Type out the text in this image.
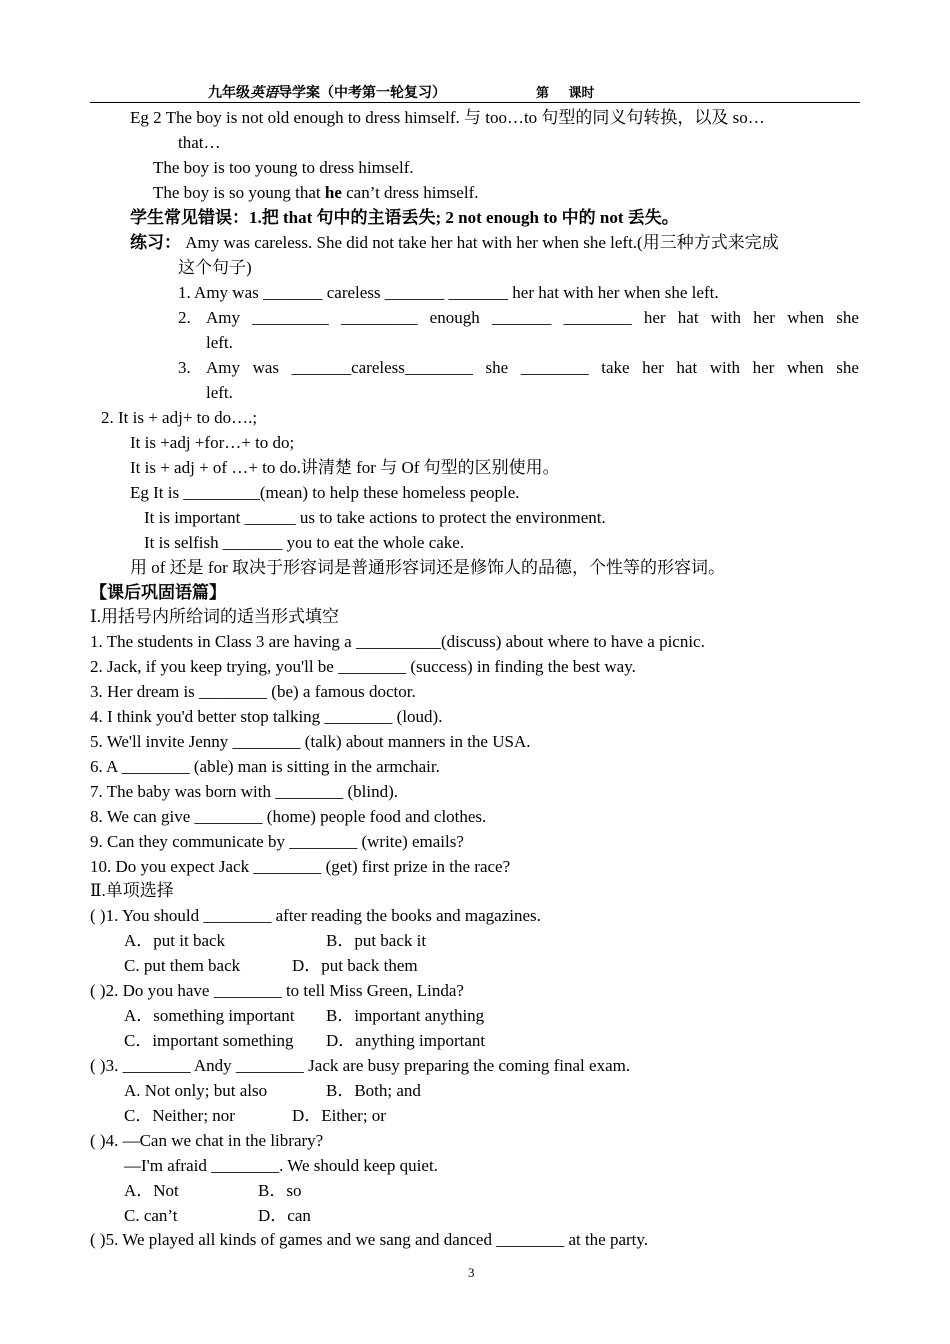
九年级英语导学案（中考第一轮复习）	第 课时
Eg 2 The boy is not old enough to dress himself. 与 too…to 句型的同义句转换，以及 so…
that…
The boy is too young to dress himself.
The boy is so young that he can’t dress himself.
学生常见错误：1.把 that 句中的主语丢失; 2 not enough to 中的 not 丢失。
练习： Amy was careless. She did not take her hat with her when she left.(用三种方式来完成
这个句子)
1. Amy was _______ careless _______ _______ her hat with her when she left.
2. Amy _________ _________ enough _______ ________ her hat with her when she
left.
3. Amy was _______careless________ she ________ take her hat with her when she
left.
2. It is + adj+ to do….;
It is +adj +for…+ to do;
It is + adj + of …+ to do.讲清楚 for 与 Of 句型的区别使用。
Eg It is _________(mean) to help these homeless people.
It is important ______ us to take actions to protect the environment.
It is selfish _______ you to eat the whole cake.
用 of 还是 for 取决于形容词是普通形容词还是修饰人的品德，个性等的形容词。
【课后巩固语篇】
Ⅰ.用括号内所给词的适当形式填空
1. The students in Class 3 are having a __________(discuss) about where to have a picnic.
2. Jack, if you keep trying, you'll be ________ (success) in finding the best way.
3. Her dream is ________ (be) a famous doctor.
4. I think you'd better stop talking ________ (loud).
5. We'll invite Jenny ________ (talk) about manners in the USA.
6. A ________ (able) man is sitting in the armchair.
7. The baby was born with ________ (blind).
8. We can give ________ (home) people food and clothes.
9. Can they communicate by ________ (write) emails?
10. Do you expect Jack ________ (get) first prize in the race?
Ⅱ.单项选择
( )1. You should ________ after reading the books and magazines.
A．put it back	B．put back it
C. put them back	D．put back them
( )2. Do you have ________ to tell Miss Green, Linda?
A．something important B．important anything
C．important something D．anything important
( )3. ________ Andy ________ Jack are busy preparing the coming final exam.
A. Not only; but also	B．Both; and
C．Neither; nor	D．Either; or
( )4. —Can we chat in the library?
—I'm afraid ________. We should keep quiet.
A．Not	B．so
C. can’t	D．can
( )5. We played all kinds of games and we sang and danced ________ at the party.
3
